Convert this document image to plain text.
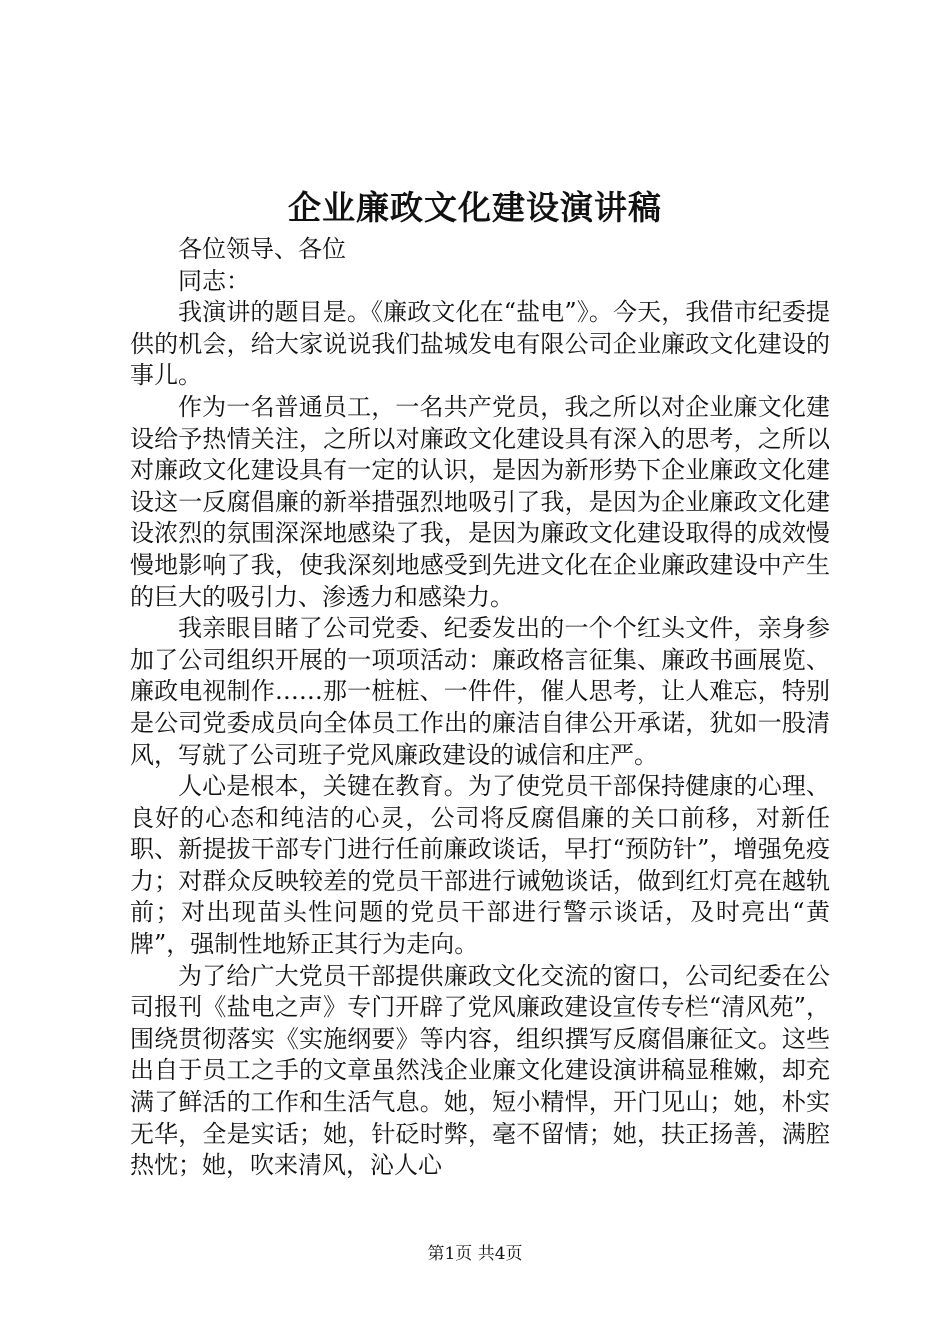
企业廉政文化建设演讲稿
各位领导、各位
同志：

我演讲的题目是。《廉政文化在“盐电”》。今天，我借市纪委提供的机会，给大家说说我们盐城发电有限公司企业廉政文化建设的事儿。

作为一名普通员工，一名共产党员，我之所以对企业廉文化建设给予热情关注，之所以对廉政文化建设具有深入的思考，之所以对廉政文化建设具有一定的认识，是因为新形势下企业廉政文化建设这一反腐倡廉的新举措强烈地吸引了我，是因为企业廉政文化建设浓烈的氛围深深地感染了我，是因为廉政文化建设取得的成效慢慢地影响了我，使我深刻地感受到先进文化在企业廉政建设中产生的巨大的吸引力、渗透力和感染力。

我亲眼目睹了公司党委、纪委发出的一个个红头文件，亲身参加了公司组织开展的一项项活动：廉政格言征集、廉政书画展览、廉政电视制作……那一桩桩、一件件，催人思考，让人难忘，特别是公司党委成员向全体员工作出的廉洁自律公开承诺，犹如一股清风，写就了公司班子党风廉政建设的诚信和庄严。

人心是根本，关键在教育。为了使党员干部保持健康的心理、良好的心态和纯洁的心灵，公司将反腐倡廉的关口前移，对新任职、新提拔干部专门进行任前廉政谈话，早打“预防针”，增强免疫力；对群众反映较差的党员干部进行诫勉谈话，做到红灯亮在越轨前；对出现苗头性问题的党员干部进行警示谈话，及时亮出“黄牌”，强制性地矫正其行为走向。

为了给广大党员干部提供廉政文化交流的窗口，公司纪委在公司报刊《盐电之声》专门开辟了党风廉政建设宣传专栏“清风苑”，围绕贯彻落实《实施纲要》等内容，组织撰写反腐倡廉征文。这些出自于员工之手的文章虽然浅企业廉文化建设演讲稿显稚嫩，却充满了鲜活的工作和生活气息。她，短小精悍，开门见山；她，朴实无华，全是实话；她，针砭时弊，毫不留情；她，扶正扬善，满腔热忱；她，吹来清风，沁人心

第1页 共4页
